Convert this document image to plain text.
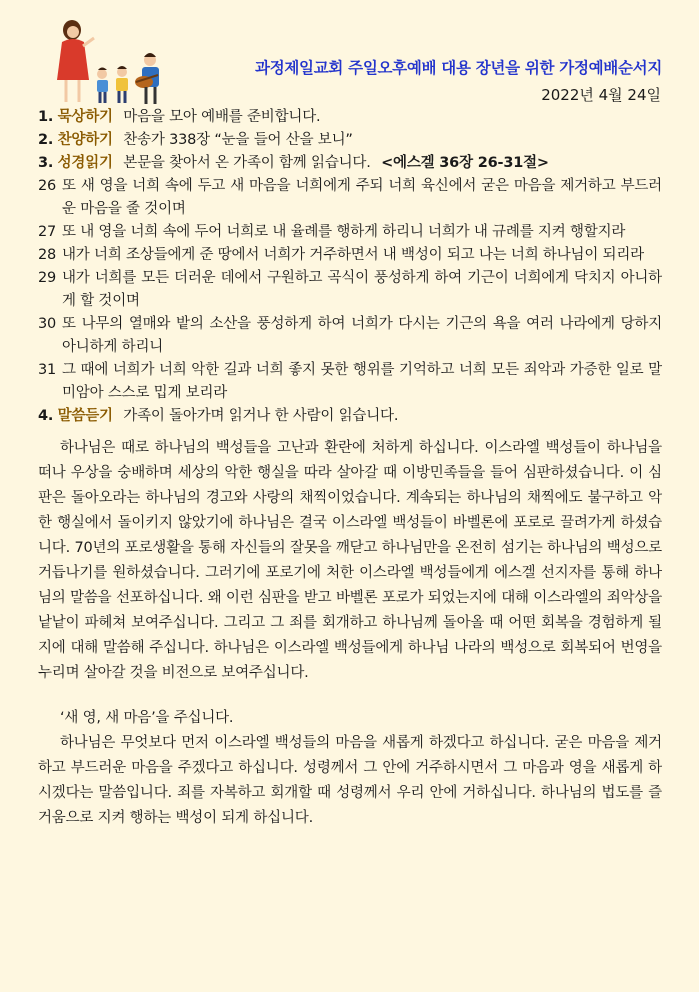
과정제일교회 주일오후예배 대용 장년을 위한 가정예배순서지
2022년 4월 24일
1. 묵상하기 마음을 모아 예배를 준비합니다.
2. 찬양하기 찬송가 338장 “눈을 들어 산을 보니”
3. 성경읽기 본문을 찾아서 온 가족이 함께 읽습니다. <에스겔 36장 26-31절>
26 또 새 영을 너희 속에 두고 새 마음을 너희에게 주되 너희 육신에서 굳은 마음을 제거하고 부드러운 마음을 줄 것이며
27 또 내 영을 너희 속에 두어 너희로 내 율례를 행하게 하리니 너희가 내 규례를 지켜 행할지라
28 내가 너희 조상들에게 준 땅에서 너희가 거주하면서 내 백성이 되고 나는 너희 하나님이 되리라
29 내가 너희를 모든 더러운 데에서 구원하고 곡식이 풍성하게 하여 기근이 너희에게 닥치지 아니하게 할 것이며
30 또 나무의 열매와 밭의 소산을 풍성하게 하여 너희가 다시는 기근의 욕을 여러 나라에게 당하지 아니하게 하리니
31 그 때에 너희가 너희 악한 길과 너희 좋지 못한 행위를 기억하고 너희 모든 죄악과 가증한 일로 말미암아 스스로 밉게 보리라
4. 말씀듣기 가족이 돌아가며 읽거나 한 사람이 읽습니다.
하나님은 때로 하나님의 백성들을 고난과 환란에 처하게 하십니다. 이스라엘 백성들이 하나님을 떠나 우상을 숭배하며 세상의 악한 행실을 따라 살아갈 때 이방민족들을 들어 심판하셨습니다. 이 심판은 돌아오라는 하나님의 경고와 사랑의 채찍이었습니다. 계속되는 하나님의 채찍에도 불구하고 악한 행실에서 돌이키지 않았기에 하나님은 결국 이스라엘 백성들이 바벨론에 포로로 끌려가게 하셨습니다. 70년의 포로생활을 통해 자신들의 잘못을 깨닫고 하나님만을 온전히 섬기는 하나님의 백성으로 거듭나기를 원하셨습니다. 그러기에 포로기에 처한 이스라엘 백성들에게 에스겔 선지자를 통해 하나님의 말씀을 선포하십니다. 왜 이런 심판을 받고 바벨론 포로가 되었는지에 대해 이스라엘의 죄악상을 낱낱이 파헤쳐 보여주십니다. 그리고 그 죄를 회개하고 하나님께 돌아올 때 어떤 회복을 경험하게 될지에 대해 말씀해 주십니다. 하나님은 이스라엘 백성들에게 하나님 나라의 백성으로 회복되어 번영을 누리며 살아갈 것을 비전으로 보여주십니다.
‘새 영, 새 마음’을 주십니다.
하나님은 무엇보다 먼저 이스라엘 백성들의 마음을 새롭게 하겠다고 하십니다. 굳은 마음을 제거하고 부드러운 마음을 주겠다고 하십니다. 성령께서 그 안에 거주하시면서 그 마음과 영을 새롭게 하시겠다는 말씀입니다. 죄를 자복하고 회개할 때 성령께서 우리 안에 거하십니다. 하나님의 법도를 즐거움으로 지켜 행하는 백성이 되게 하십니다.
